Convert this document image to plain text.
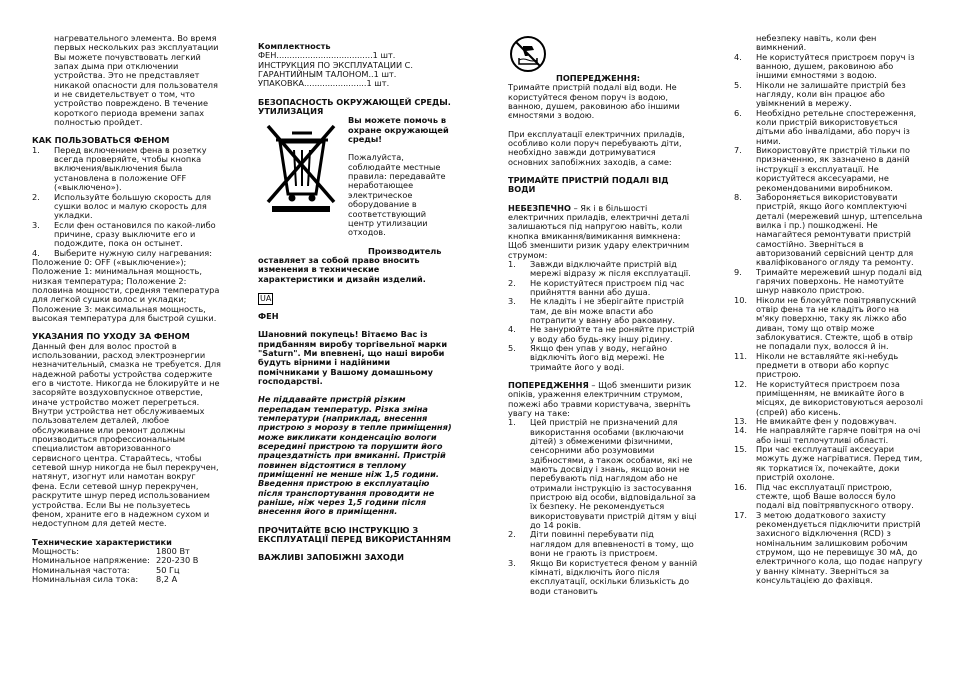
нагревательного элемента. Во время первых нескольких раз эксплуатации Вы можете почувствовать легкий запах дыма при отключении устройства. Это не представляет никакой опасности для пользователя и не свидетельствует о том, что устройство повреждено. В течение короткого периода времени запах полностью пройдет.

КАК ПОЛЬЗОВАТЬСЯ ФЕНОМ

1. Перед включением фена в розетку всегда проверяйте, чтобы кнопка включения/выключения была установлена в положение OFF («выключено»).
2. Используйте большую скорость для сушки волос и малую скорость для укладки.
3. Если фен остановился по какой-либо причине, сразу выключите его и подождите, пока он остынет.
4. Выберите нужную силу нагревания:

Положение 0: OFF («выключение»); Положение 1: минимальная мощность, низкая температура; Положение 2: половина мощности, средняя температура для легкой сушки волос и укладки; Положение 3: максимальная мощность, высокая температура для быстрой сушки.

УКАЗАНИЯ ПО УХОДУ ЗА ФЕНОМ

Данный фен для волос простой в использовании, расход электроэнергии незначительный, смазка не требуется. Для надежной работы устройства содержите его в чистоте. Никогда не блокируйте и не засоряйте воздуховпускное отверстие, иначе устройство может перегреться. Внутри устройства нет обслуживаемых пользователем деталей, любое обслуживание или ремонт должны производиться профессиональным специалистом авторизованного сервисного центра. Старайтесь, чтобы сетевой шнур никогда не был перекручен, натянут, изогнут или намотан вокруг фена. Если сетевой шнур перекручен, раскрутите шнур перед использованием устройства. Если Вы не пользуетесь феном, храните его в надежном сухом и недоступном для детей месте.

Технические характеристики

Мощность:	1800 Вт
Номинальное напряжение: 220-230 В
Номинальная частота:	50 Гц
Номинальная сила тока:	8,2 А

Комплектность

ФЕН.....................................1 шт.

ИНСТРУКЦИЯ ПО ЭКСПЛУАТАЦИИ С.

ГАРАНТИЙНЫМ ТАЛОНОМ..1 шт.

УПАКОВКА........................1 шт.

БЕЗОПАСНОСТЬ ОКРУЖАЮЩЕЙ СРЕДЫ. УТИЛИЗАЦИЯ

Вы можете помочь в охране окружающей среды!

Пожалуйста, соблюдайте местные правила: передавайте неработающее электрическое оборудование в соответствующий центр утилизации отходов.

Производитель оставляет за собой право вносить изменения в технические характеристики и дизайн изделий.

UA

ФЕН

Шановний покупець! Вітаємо Вас із придбанням виробу торгівельної марки "Saturn". Ми впевнені, що наші вироби будуть вірними і надійними помічниками у Вашому домашньому господарстві.

Не піддавайте пристрій різким перепадам температур. Різка зміна температури (наприклад, внесення пристрою з морозу в тепле приміщення) може викликати конденсацію вологи всередині пристрою та порушити його працездатність при вмиканні. Пристрій повинен відстоятися в теплому приміщенні не менше ніж 1,5 години. Введення пристрою в експлуатацію після транспортування проводити не раніше, ніж через 1,5 години після внесення його в приміщення.

ПРОЧИТАЙТЕ ВСЮ ІНСТРУКЦІЮ З ЕКСПЛУАТАЦІЇ ПЕРЕД ВИКОРИСТАННЯМ

ВАЖЛИВІ ЗАПОБІЖНІ ЗАХОДИ

ПОПЕРЕДЖЕННЯ:

Тримайте пристрій подалі від води. Не користуйтеся феном поруч із водою, ванною, душем, раковиною або іншими ємностями з водою.

При експлуатації електричних приладів, особливо коли поруч перебувають діти, необхідно завжди дотримуватися основних запобіжних заходів, а саме:

ТРИМАЙТЕ ПРИСТРІЙ ПОДАЛІ ВІД ВОДИ

НЕБЕЗПЕЧНО – Як і в більшості електричних приладів, електричні деталі залишаються під напругою навіть, коли кнопка вмикання/вимикання вимкнена: Щоб зменшити ризик удару електричним струмом:

1. Завжди відключайте пристрій від мережі відразу ж після експлуатації.
2. Не користуйтеся пристроєм під час прийняття ванни або душа.
3. Не кладіть і не зберігайте пристрій там, де він може впасти або потрапити у ванну або раковину.
4. Не занурюйте та не роняйте пристрій у воду або будь-яку іншу рідину.
5. Якщо фен упав у воду, негайно відключіть його від мережі. Не тримайте його у воді.

ПОПЕРЕДЖЕННЯ – Щоб зменшити ризик опіків, ураження електричним струмом, пожежі або травми користувача, зверніть увагу на таке:

1. Цей пристрій не призначений для використання особами (включаючи дітей) з обмеженими фізичними, сенсорними або розумовими здібностями, а також особами, які не мають досвіду і знань, якщо вони не перебувають під наглядом або не отримали інструкцію із застосування пристрою від особи, відповідальної за їх безпеку. Не рекомендується використовувати пристрій дітям у віці до 14 років.
2. Діти повинні перебувати під наглядом для впевненості в тому, що вони не грають із пристроєм.
3. Якщо Ви користуєтеся феном у ванній кімнаті, відключіть його після експлуатації, оскільки близькість до води становить

небезпеку навіть, коли фен вимкнений.

4. Не користуйтеся пристроєм поруч із ванною, душем, раковиною або іншими ємностями з водою.
5. Ніколи не залишайте пристрій без нагляду, коли він працює або увімкнений в мережу.
6. Необхідно ретельне спостереження, коли пристрій використовується дітьми або інвалідами, або поруч із ними.
7. Використовуйте пристрій тільки по призначенню, як зазначено в даній інструкції з експлуатації. Не користуйтеся аксесуарами, не рекомендованими виробником.
8. Забороняється використовувати пристрій, якщо його комплектуючі деталі (мережевий шнур, штепсельна вилка і пр.) пошкоджені. Не намагайтеся ремонтувати пристрій самостійно. Зверніться в авторизований сервісний центр для кваліфікованого огляду та ремонту.
9. Тримайте мережевий шнур подалі від гарячих поверхонь. Не намотуйте шнур навколо пристрою.
10. Ніколи не блокуйте повітрявпускний отвір фена та не кладіть його на м'яку поверхню, таку як ліжко або диван, тому що отвір може заблокуватися. Стежте, щоб в отвір не попадали пух, волосся й ін.
11. Ніколи не вставляйте які-небудь предмети в отвори або корпус пристрою.
12. Не користуйтеся пристроєм поза приміщенням, не вмикайте його в місцях, де використовуються аерозолі (спрей) або кисень.
13. Не вмикайте фен у подовжувач.
14. Не направляйте гаряче повітря на очі або інші теплочутливі області.
15. При час експлуатації аксесуари можуть дуже нагріватися. Перед тим, як торкатися їх, почекайте, доки пристрій охолоне.
16. Під час експлуатації пристрою, стежте, щоб Ваше волосся було подалі від повітрявпускного отвору.
17. З метою додаткового захисту рекомендується підключити пристрій захисного відключення (RCD) з номінальним залишковим робочим струмом, що не перевищує 30 мА, до електричного кола, що подає напругу у ванну кімнату. Зверніться за консультацією до фахівця.
